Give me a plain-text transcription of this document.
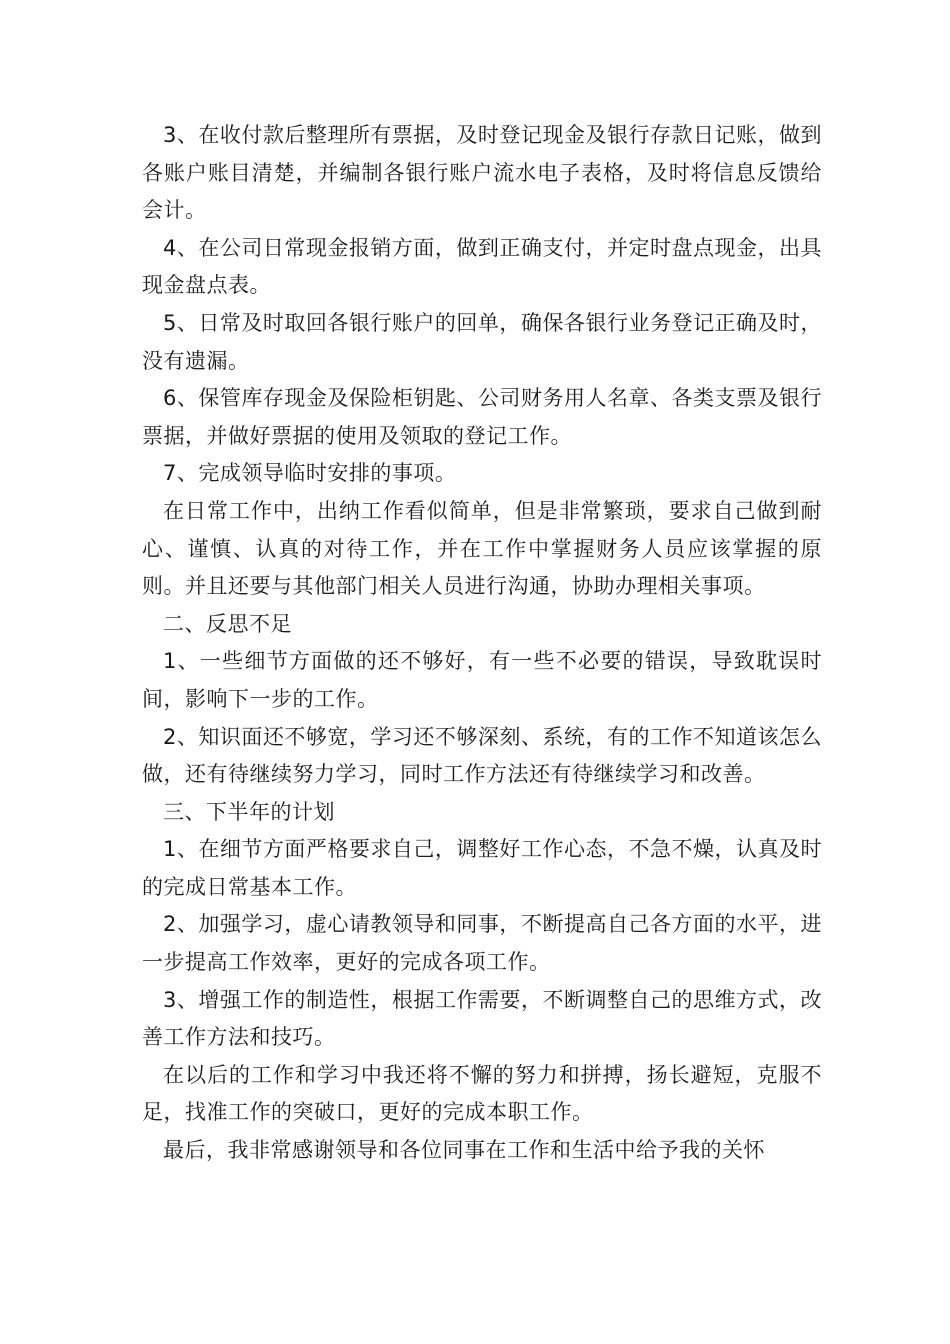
3、在收付款后整理所有票据，及时登记现金及银行存款日记账，做到各账户账目清楚，并编制各银行账户流水电子表格，及时将信息反馈给会计。

4、在公司日常现金报销方面，做到正确支付，并定时盘点现金，出具现金盘点表。

5、日常及时取回各银行账户的回单，确保各银行业务登记正确及时，没有遗漏。

6、保管库存现金及保险柜钥匙、公司财务用人名章、各类支票及银行票据，并做好票据的使用及领取的登记工作。

7、完成领导临时安排的事项。

在日常工作中，出纳工作看似简单，但是非常繁琐，要求自己做到耐心、谨慎、认真的对待工作，并在工作中掌握财务人员应该掌握的原则。并且还要与其他部门相关人员进行沟通，协助办理相关事项。

二、反思不足

1、一些细节方面做的还不够好，有一些不必要的错误，导致耽误时间，影响下一步的工作。

2、知识面还不够宽，学习还不够深刻、系统，有的工作不知道该怎么做，还有待继续努力学习，同时工作方法还有待继续学习和改善。

三、下半年的计划

1、在细节方面严格要求自己，调整好工作心态，不急不燥，认真及时的完成日常基本工作。

2、加强学习，虚心请教领导和同事，不断提高自己各方面的水平，进一步提高工作效率，更好的完成各项工作。

3、增强工作的制造性，根据工作需要，不断调整自己的思维方式，改善工作方法和技巧。

在以后的工作和学习中我还将不懈的努力和拼搏，扬长避短，克服不足，找准工作的突破口，更好的完成本职工作。

最后，我非常感谢领导和各位同事在工作和生活中给予我的关怀
